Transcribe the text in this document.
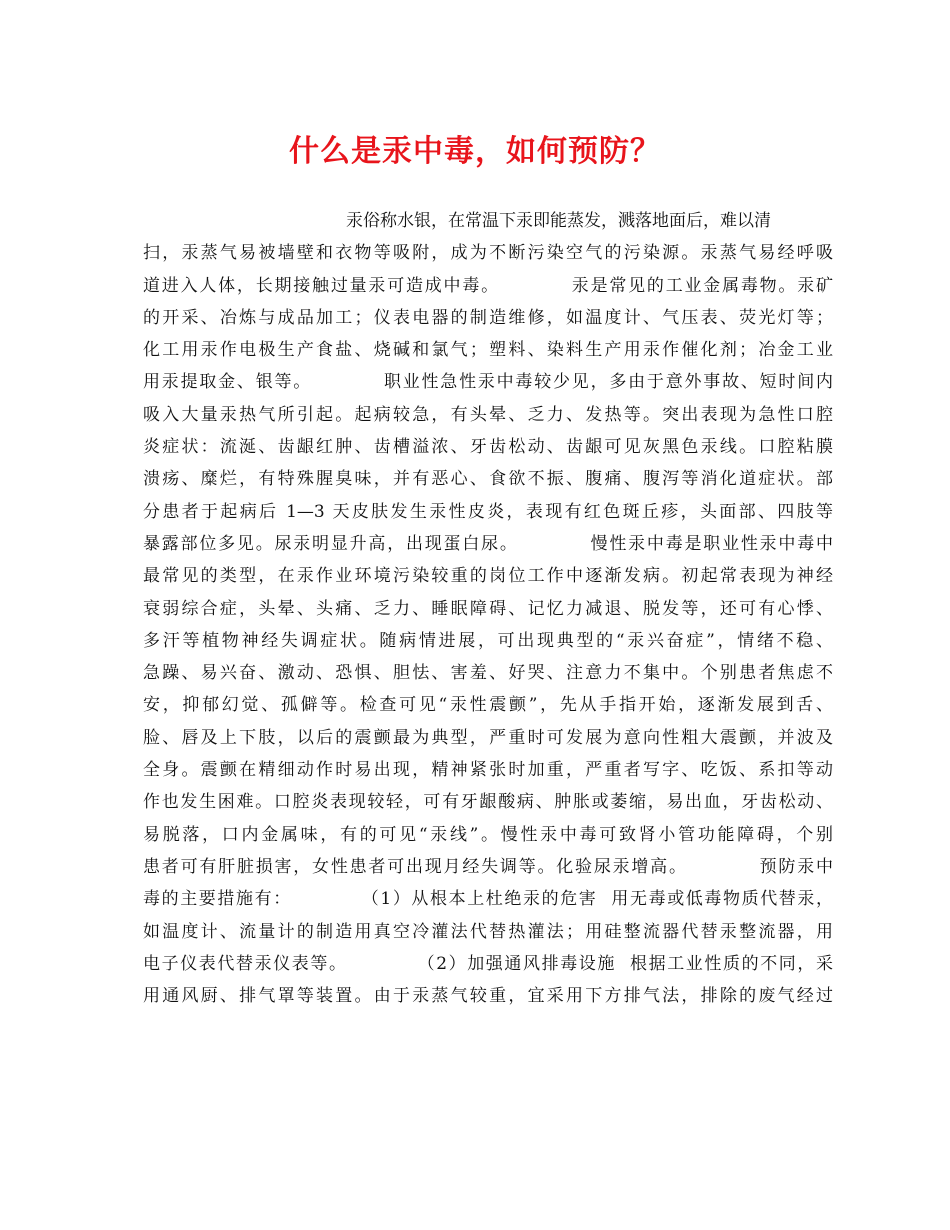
什么是汞中毒，如何预防？
汞俗称水银，在常温下汞即能蒸发，溅落地面后，难以清
扫，汞蒸气易被墙壁和衣物等吸附，成为不断污染空气的污染源。汞蒸气易经呼吸
道进入人体，长期接触过量汞可造成中毒。          汞是常见的工业金属毒物。汞矿
的开采、冶炼与成品加工；仪表电器的制造维修，如温度计、气压表、荧光灯等；
化工用汞作电极生产食盐、烧碱和氯气；塑料、染料生产用汞作催化剂；冶金工业
用汞提取金、银等。          职业性急性汞中毒较少见，多由于意外事故、短时间内
吸入大量汞热气所引起。起病较急，有头晕、乏力、发热等。突出表现为急性口腔
炎症状：流涎、齿龈红肿、齿槽溢浓、牙齿松动、齿龈可见灰黑色汞线。口腔粘膜
溃疡、糜烂，有特殊腥臭味，并有恶心、食欲不振、腹痛、腹泻等消化道症状。部
分患者于起病后 1—3 天皮肤发生汞性皮炎，表现有红色斑丘疹，头面部、四肢等
暴露部位多见。尿汞明显升高，出现蛋白尿。          慢性汞中毒是职业性汞中毒中
最常见的类型，在汞作业环境污染较重的岗位工作中逐渐发病。初起常表现为神经
衰弱综合症，头晕、头痛、乏力、睡眠障碍、记忆力减退、脱发等，还可有心悸、
多汗等植物神经失调症状。随病情进展，可出现典型的“汞兴奋症”，情绪不稳、
急躁、易兴奋、激动、恐惧、胆怯、害羞、好哭、注意力不集中。个别患者焦虑不
安，抑郁幻觉、孤僻等。检查可见“汞性震颤”，先从手指开始，逐渐发展到舌、
脸、唇及上下肢，以后的震颤最为典型，严重时可发展为意向性粗大震颤，并波及
全身。震颤在精细动作时易出现，精神紧张时加重，严重者写字、吃饭、系扣等动
作也发生困难。口腔炎表现较轻，可有牙龈酸病、肿胀或萎缩，易出血，牙齿松动、
易脱落，口内金属味，有的可见“汞线”。慢性汞中毒可致肾小管功能障碍，个别
患者可有肝脏损害，女性患者可出现月经失调等。化验尿汞增高。          预防汞中
毒的主要措施有：          （1）从根本上杜绝汞的危害  用无毒或低毒物质代替汞，
如温度计、流量计的制造用真空冷灌法代替热灌法；用硅整流器代替汞整流器，用
电子仪表代替汞仪表等。          （2）加强通风排毒设施  根据工业性质的不同，采
用通风厨、排气罩等装置。由于汞蒸气较重，宜采用下方排气法，排除的废气经过
